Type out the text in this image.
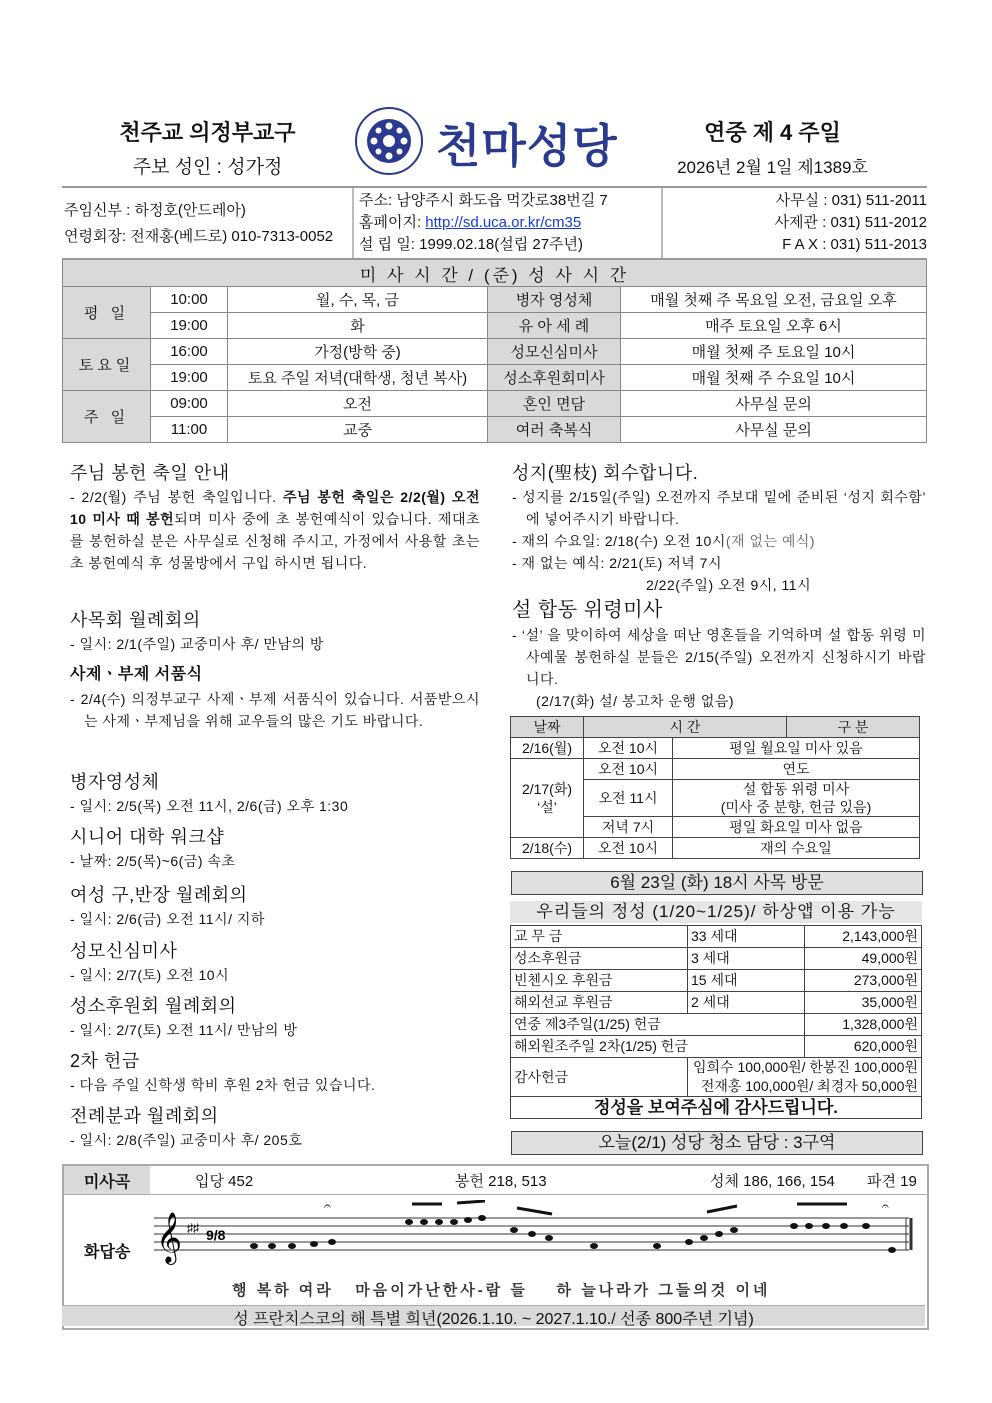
천주교 의정부교구
주보 성인 : 성가정	천마성당	연중 제 4 주일
2026년 2월 1일 제1389호
주임신부 : 하정호(안드레아)
연령회장: 전재홍(베드로) 010-7313-0052
주소: 남양주시 화도읍 먹갓로38번길 7
홈페이지: http://sd.uca.or.kr/cm35
설 립 일: 1999.02.18(설립 27주년)
사무실 : 031) 511-2011
사제관 : 031) 511-2012
F A X : 031) 511-2013
미 사 시 간 / (준) 성 사 시 간				
평 일	10:00	월, 수, 목, 금	병자 영성체	매월 첫째 주 목요일 오전, 금요일 오후
	19:00	화	유 아 세 례	매주 토요일 오후 6시
토요일	16:00	가정(방학 중)	성모신심미사	매월 첫째 주 토요일 10시
	19:00	토요 주일 저녁(대학생, 청년 복사)	성소후원회미사	매월 첫째 주 수요일 10시
주 일	09:00	오전	혼인 면담	사무실 문의
	11:00	교중	여러 축복식	사무실 문의
주님 봉헌 축일 안내
- 2/2(월) 주님 봉헌 축일입니다. 주님 봉헌 축일은 2/2(월) 오전 10 미사 때 봉헌되며 미사 중에 초 봉헌예식이 있습니다. 제대초를 봉헌하실 분은 사무실로 신청해 주시고, 가정에서 사용할 초는 초 봉헌예식 후 성물방에서 구입 하시면 됩니다.
사목회 월례회의
- 일시: 2/1(주일) 교중미사 후/ 만남의 방
사제ㆍ부제 서품식
- 2/4(수) 의정부교구 사제ㆍ부제 서품식이 있습니다. 서품받으시는 사제ㆍ부제님을 위해 교우들의 많은 기도 바랍니다.
병자영성체
- 일시: 2/5(목) 오전 11시, 2/6(금) 오후 1:30
시니어 대학 워크샵
- 날짜: 2/5(목)~6(금) 속초
여성 구,반장 월례회의
- 일시: 2/6(금) 오전 11시/ 지하
성모신심미사
- 일시: 2/7(토) 오전 10시
성소후원회 월례회의
- 일시: 2/7(토) 오전 11시/ 만남의 방
2차 헌금
- 다음 주일 신학생 학비 후원 2차 헌금 있습니다.
전례분과 월례회의
- 일시: 2/8(주일) 교중미사 후/ 205호
성지(聖枝) 회수합니다.
- 성지를 2/15일(주일) 오전까지 주보대 밑에 준비된 ‘성지 회수함’ 에 넣어주시기 바랍니다.
- 재의 수요일: 2/18(수) 오전 10시(재 없는 예식)
- 재 없는 예식: 2/21(토) 저녁 7시
2/22(주일) 오전 9시, 11시
설 합동 위령미사
- ‘설’ 을 맞이하여 세상을 떠난 영혼들을 기억하며 설 합동 위령 미사예물 봉헌하실 분들은 2/15(주일) 오전까지 신청하시기 바랍니다.
(2/17(화) 설/ 봉고차 운행 없음)
날짜	시 간		구 분
2/16(월)	오전 10시	평일 월요일 미사 있음	

2/17(화)
‘설’	오전 10시	연도	
	오전 11시	설 합동 위령 미사
(미사 중 분향, 헌금 있음)	

	저녁 7시	평일 화요일 미사 없음	
2/18(수)	오전 10시	재의 수요일	
6월 23일 (화) 18시 사목 방문
우리들의 정성 (1/20~1/25)/ 하상앱 이용 가능
교 무 금	33 세대	2,143,000원
성소후원금	3 세대	49,000원
빈첸시오 후원금	15 세대	273,000원
해외선교 후원금	2 세대	35,000원
연중 제3주일(1/25) 헌금		1,328,000원
해외원조주일 2차(1/25) 헌금		620,000원
감사헌금	임희수 100,000원/ 한봉진 100,000원
전재홍 100,000원/ 최경자 50,000원	

정성을 보여주심에 감사드립니다.		
오늘(2/1) 성당 청소 담당 : 3구역
미사곡	입당 452	봉헌 218, 513	성체 186, 166, 154	파견 19
화답송 𝄞 ♯♯ 9/8
𝄐	𝄐
행 복하 여라   마음이가난한사-람 들    하 늘나라가 그들의것 이네
성 프란치스코의 해 특별 희년(2026.1.10. ~ 2027.1.10./ 선종 800주년 기념)
